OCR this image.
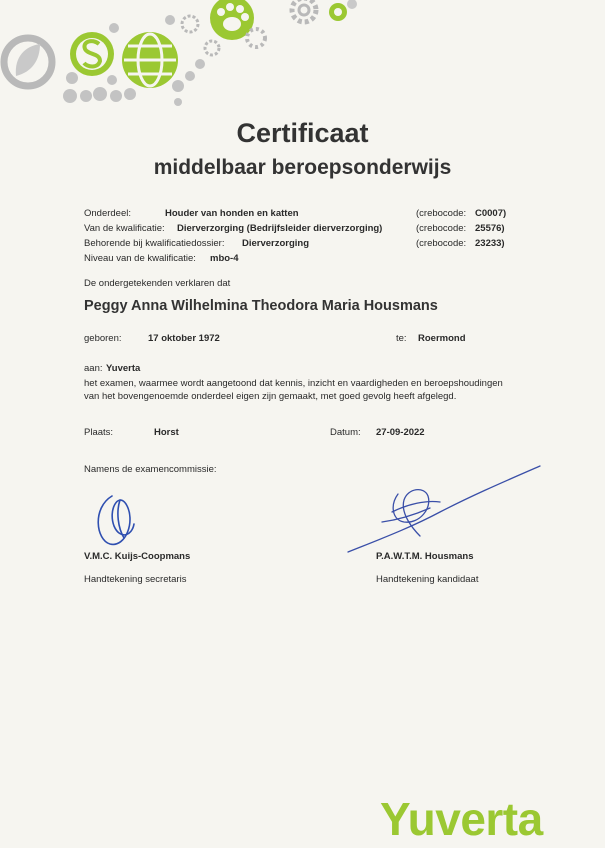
Certificaat
middelbaar beroepsonderwijs
Onderdeel:	Houder van honden en katten	(crebocode: C0007)
Van de kwalificatie: Dierverzorging (Bedrijfsleider dierverzorging)	(crebocode: 25576)
Behorende bij kwalificatiedossier: Dierverzorging	(crebocode: 23233)
Niveau van de kwalificatie: mbo-4
De ondergetekenden verklaren dat
Peggy Anna Wilhelmina Theodora Maria Housmans
geboren:	17 oktober 1972	te: Roermond
aan: Yuverta
het examen, waarmee wordt aangetoond dat kennis, inzicht en vaardigheden en beroepshoudingen
van het bovengenoemde onderdeel eigen zijn gemaakt, met goed gevolg heeft afgelegd.
Plaats:	Horst	Datum: 27-09-2022
Namens de examencommissie:
V.M.C. Kuijs-Coopmans
Handtekening secretaris
P.A.W.T.M. Housmans
Handtekening kandidaat
Yuverta
